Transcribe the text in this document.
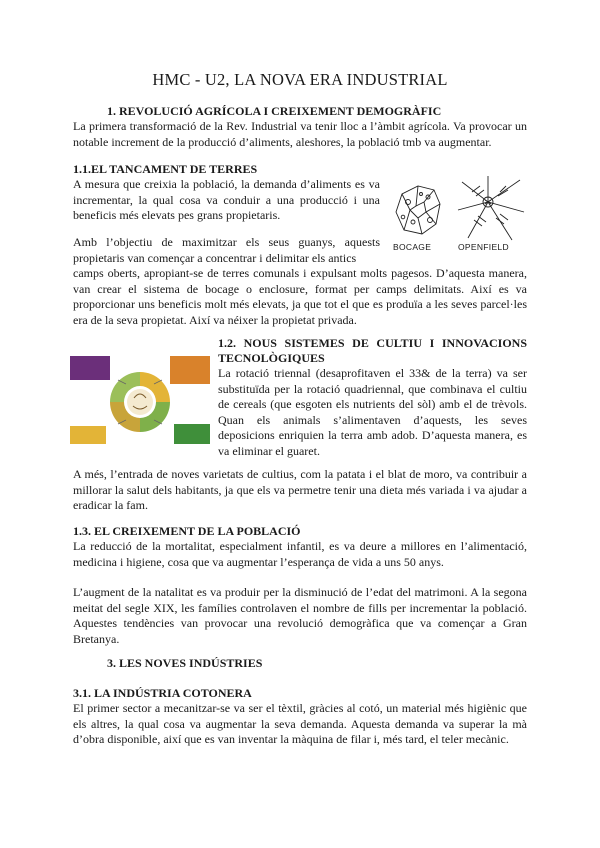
HMC - U2, LA NOVA ERA INDUSTRIAL
1. REVOLUCIÓ AGRÍCOLA I CREIXEMENT DEMOGRÀFIC
La primera transformació de la Rev. Industrial va tenir lloc a l’àmbit agrícola. Va provocar un notable increment de la producció d’aliments, aleshores, la població tmb va augmentar.
1.1.EL TANCAMENT DE TERRES
A mesura que creixia la població, la demanda d’aliments es va incrementar, la qual cosa va conduir a una producció i una beneficis més elevats pes grans propietaris.
Amb l’objectiu de maximitzar els seus guanys, aquests propietaris van començar a concentrar i delimitar els antics
camps oberts, apropiant-se de terres comunals i expulsant molts pagesos. D’aquesta manera, van crear el sistema de bocage o enclosure, format per camps delimitats. Així es va proporcionar uns beneficis molt més elevats, ja que tot el que es produïa a les seves parcel·les era de la seva propietat. Així va néixer la propietat privada.
BOCAGE	OPENFIELD
1.2. NOUS SISTEMES DE CULTIU I INNOVACIONS TECNOLÒGIQUES
La rotació triennal (desaprofitaven el 33& de la terra) va ser substituïda per la rotació quadriennal, que combinava el cultiu de cereals (que esgoten els nutrients del sòl) amb el de trèvols. Quan els animals s’alimentaven d’aquests, les seves deposicions enriquien la terra amb adob. D’aquesta manera, es va eliminar el guaret.
A més, l’entrada de noves varietats de cultius, com la patata i el blat de moro, va contribuir a millorar la salut dels habitants, ja que els va permetre tenir una dieta més variada i va ajudar a eradicar la fam.
1.3. EL CREIXEMENT DE LA POBLACIÓ
La reducció de la mortalitat, especialment infantil, es va deure a millores en l’alimentació, medicina i higiene, cosa que va augmentar l’esperança de vida a uns 50 anys.
L’augment de la natalitat es va produir per la disminució de l’edat del matrimoni. A la segona meitat del segle XIX, les famílies controlaven el nombre de fills per incrementar la població. Aquestes tendències van provocar una revolució demogràfica que va començar a Gran Bretanya.
3. LES NOVES INDÚSTRIES
3.1. LA INDÚSTRIA COTONERA
El primer sector a mecanitzar-se va ser el tèxtil, gràcies al cotó, un material més higiènic que els altres, la qual cosa va augmentar la seva demanda. Aquesta demanda va superar la mà d’obra disponible, així que es van inventar la màquina de filar i, més tard, el teler mecànic.
